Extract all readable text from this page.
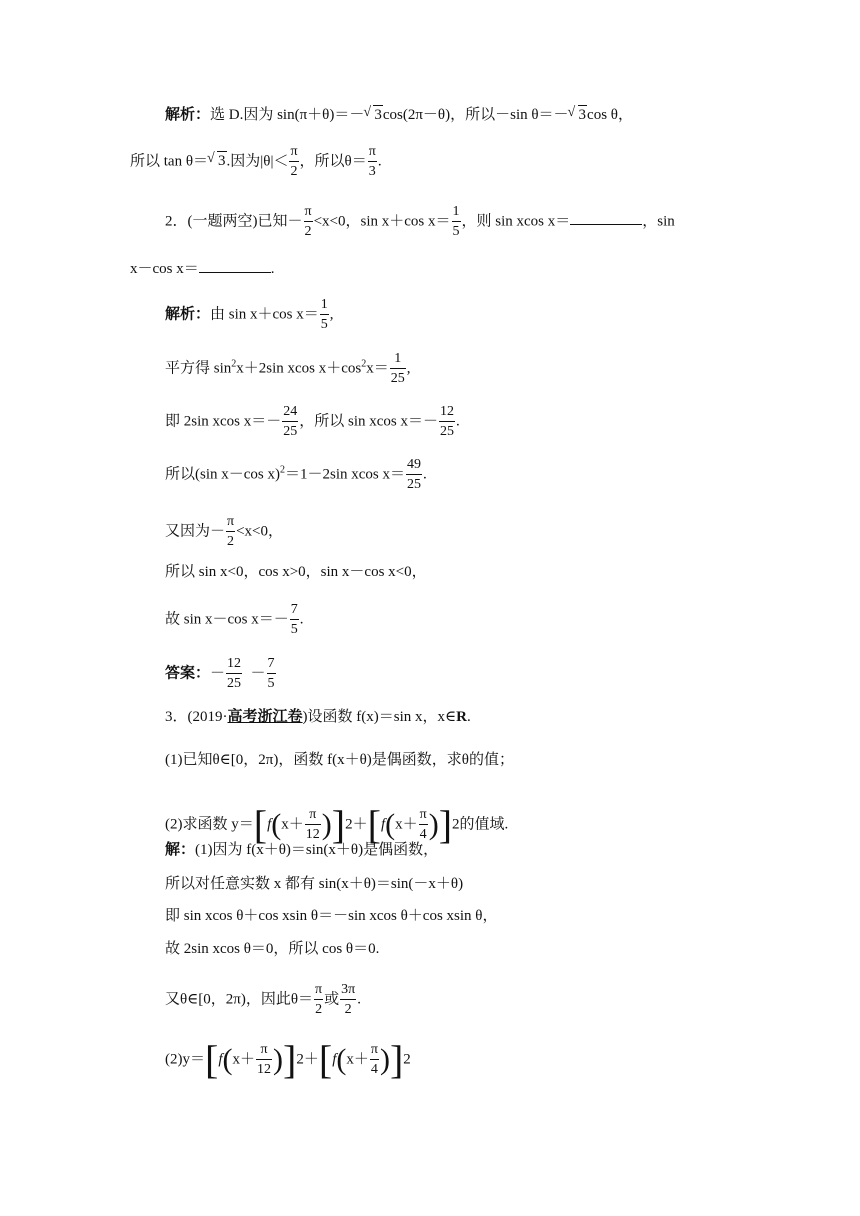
解析：选 D.因为 sin(π＋θ)＝－ √ 3cos(2π－θ)，所以－sin θ＝－ √ 3cos θ，
所以 tan θ＝ √ 3.因为$|\theta|< \frac{\pi}{2}$ ，所以$\theta= \frac{\pi}{3}$ .
2．(一题两空)已知－ $\frac{\pi}{2} <x<0$，sin x＋cos $x= \frac{1}{5}$ ，则 sin xcos x＝	，sin
x－cos x＝	.
解析：由 sin x＋cos $x= \frac{1}{5}$ ,
平方得 $\sin^2x+2\sin$ xcos $x+\cos^2x= \frac{1}{25}$ ,
即 2sin xcos $x=- \frac{24}{25}$ ，所以 sin xcos $x=- \frac{12}{25}$ .
所以(sin x－cos x)$^2$＝1－2sin xcos $x= \frac{49}{25}$ .
又因为－ $\frac{\pi}{2} <x<0$，
所以 sin x<0，cos x>0，sin x－cos x<0，
故 sin x－cos $x=- \frac{7}{5}$ .
答案：－ $\frac{12}{25} - \frac{7}{5}$
3．(2019·高考浙江卷)设函数 f(x)＝sin x，x∈R.
(1)已知θ∈[0，2π)，函数 f(x＋θ)是偶函数，求θ的值；
(2)求函数 $y=[f(x+ \frac{\pi}{12} )]2+[f(x+ \frac{\pi}{4} )]2$的值域.
解：(1)因为 f(x＋θ)＝sin(x＋θ)是偶函数，
所以对任意实数 x 都有 sin(x＋θ)＝sin(－x＋θ)
即 sin xcos θ＋cos xsin θ＝－sin xcos θ＋cos xsin θ，
故 2sin xcos θ＝0，所以 cos θ＝0.
又θ∈[0，2π)，因此$\theta= \frac{\pi}{2}$ 或 $\frac{3\pi}{2}$ .
$(2)y=[f(x+ \frac{\pi}{12} )]2+[f(x+ \frac{\pi}{4} )]2$
